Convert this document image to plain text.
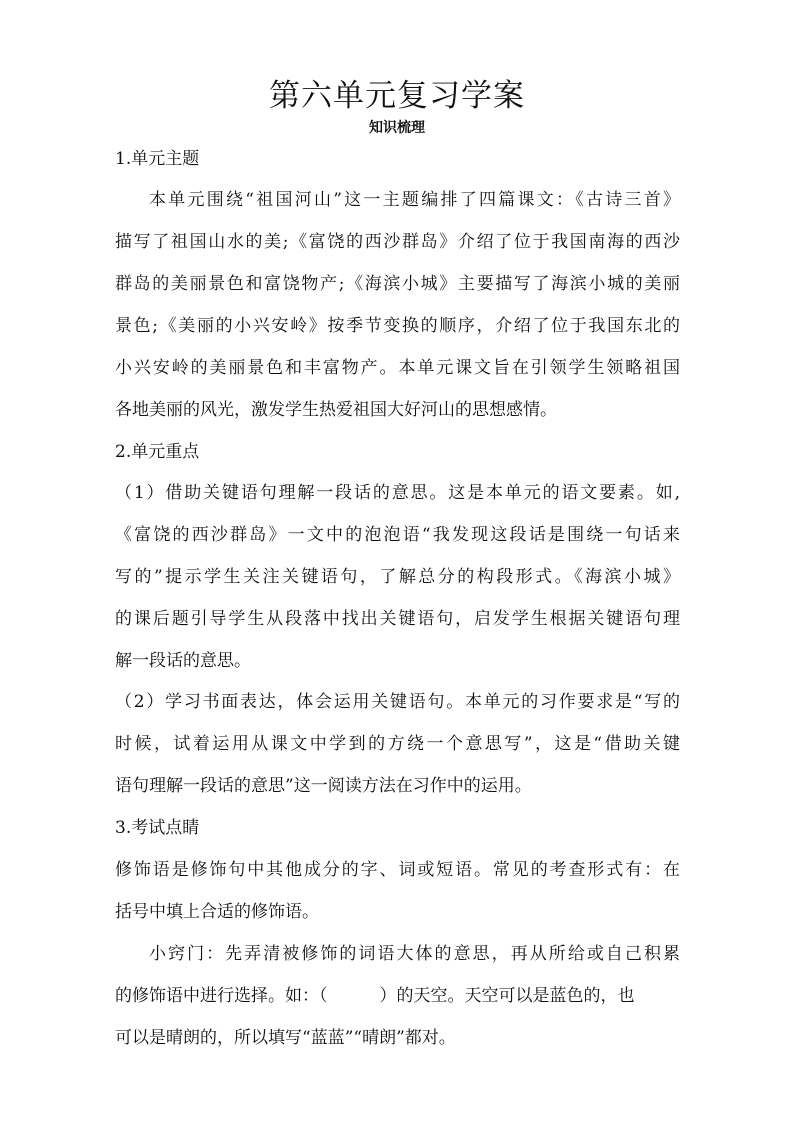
第六单元复习学案
知识梳理
1.单元主题
本单元围绕“祖国河山”这一主题编排了四篇课文：《古诗三首》
描写了祖国山水的美;《富饶的西沙群岛》介绍了位于我国南海的西沙
群岛的美丽景色和富饶物产;《海滨小城》主要描写了海滨小城的美丽
景色;《美丽的小兴安岭》按季节变换的顺序，介绍了位于我国东北的
小兴安岭的美丽景色和丰富物产。本单元课文旨在引领学生领略祖国
各地美丽的风光，激发学生热爱祖国大好河山的思想感情。
2.单元重点
（1）借助关键语句理解一段话的意思。这是本单元的语文要素。如,
《富饶的西沙群岛》一文中的泡泡语“我发现这段话是围绕一句话来
写的”提示学生关注关键语句，了解总分的构段形式。《海滨小城》
的课后题引导学生从段落中找出关键语句，启发学生根据关键语句理
解一段话的意思。
（2）学习书面表达，体会运用关键语句。本单元的习作要求是“写的
时候，试着运用从课文中学到的方绕一个意思写”，这是“借助关键
语句理解一段话的意思”这一阅读方法在习作中的运用。
3.考试点睛
修饰语是修饰句中其他成分的字、词或短语。常见的考查形式有：在
括号中填上合适的修饰语。
小窍门：先弄清被修饰的词语大体的意思，再从所给或自己积累
的修饰语中进行选择。如：（	）的天空。天空可以是蓝色的，也
可以是晴朗的，所以填写“蓝蓝”“晴朗”都对。
